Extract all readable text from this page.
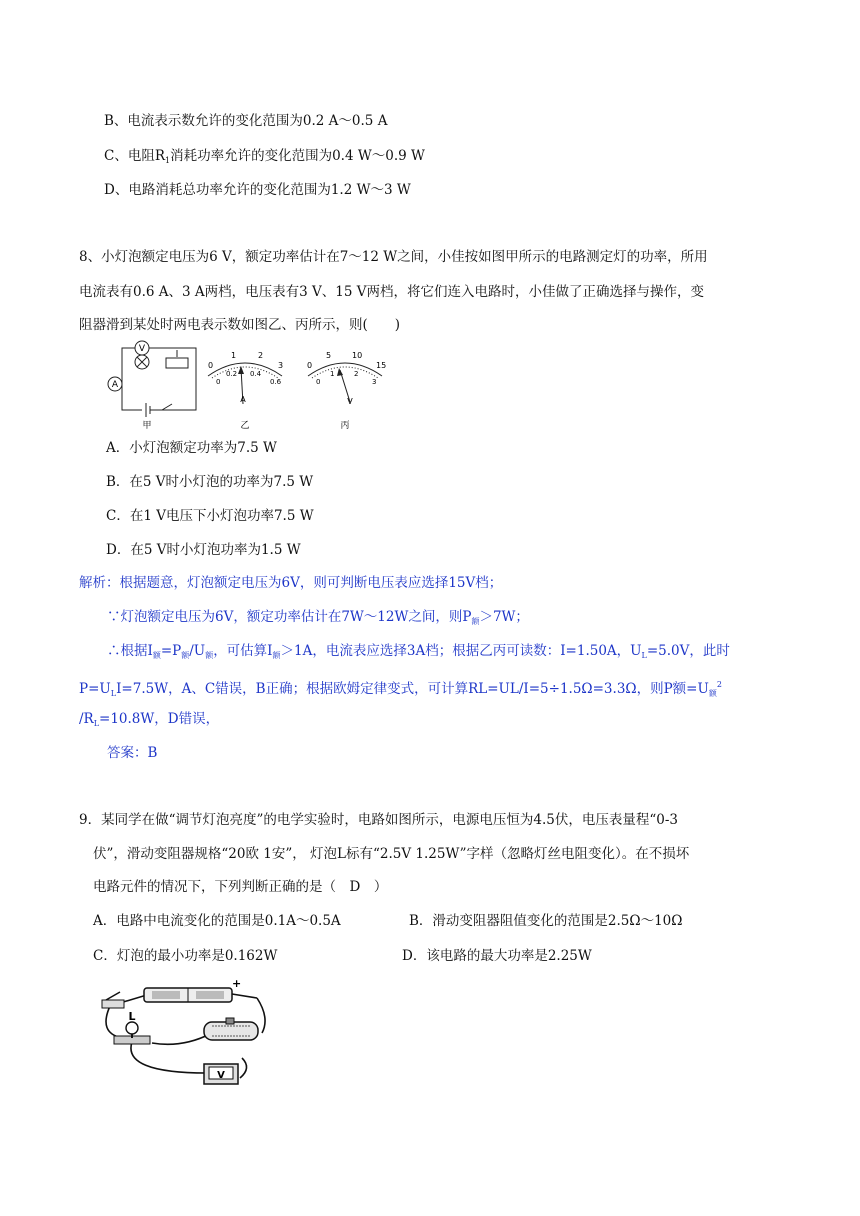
B、电流表示数允许的变化范围为0.2 A～0.5 A
C、电阻$R_1$消耗功率允许的变化范围为0.4 W～0.9 W
D、电路消耗总功率允许的变化范围为1.2 W～3 W
8、小灯泡额定电压为6 V，额定功率估计在7～12 W之间，小佳按如图甲所示的电路测定灯的功率，所用
电流表有0.6 A、3 A两档，电压表有3 V、15 V两档，将它们连入电路时，小佳做了正确选择与操作，变
阻器滑到某处时两电表示数如图乙、丙所示，则(　　)
V
A
甲
0
1	2
3
0
0.2 0.4
0.6
A
乙
0
5	10
15
0
1	2
3
V
丙
A．小灯泡额定功率为7.5 W
B．在5 V时小灯泡的功率为7.5 W
C．在1 V电压下小灯泡功率7.5 W
D．在5 V时小灯泡功率为1.5 W
解析：根据题意，灯泡额定电压为6V，则可判断电压表应选择15V档；
∵灯泡额定电压为6V，额定功率估计在7W～12W之间，则$P_额>7W$；
∴根据$I_额=P_额/U_额$，可估算$I_额>1A$，电流表应选择3A档；根据乙丙可读数：I=1.50A，$U_L=5.0V$，此时
$P=U_LI=7.5W$，A、C错误，B正确；根据欧姆定律变式，可计算RL=UL/I=5÷1.5Ω=3.3Ω，则P额$=U_额^2$
$/R_L=10.8W$，D错误，
答案：B
9．某同学在做“调节灯泡亮度”的电学实验时，电路如图所示，电源电压恒为4.5伏，电压表量程“0-3
伏”，滑动变阻器规格“20欧 1安”， 灯泡L标有“2.5V 1.25W”字样（忽略灯丝电阻变化）。在不损坏
电路元件的情况下，下列判断正确的是（　D　）
A．电路中电流变化的范围是0.1A～0.5A	B．滑动变阻器阻值变化的范围是2.5Ω～10Ω
C．灯泡的最小功率是0.162W	D．该电路的最大功率是2.25W
+
L
V
